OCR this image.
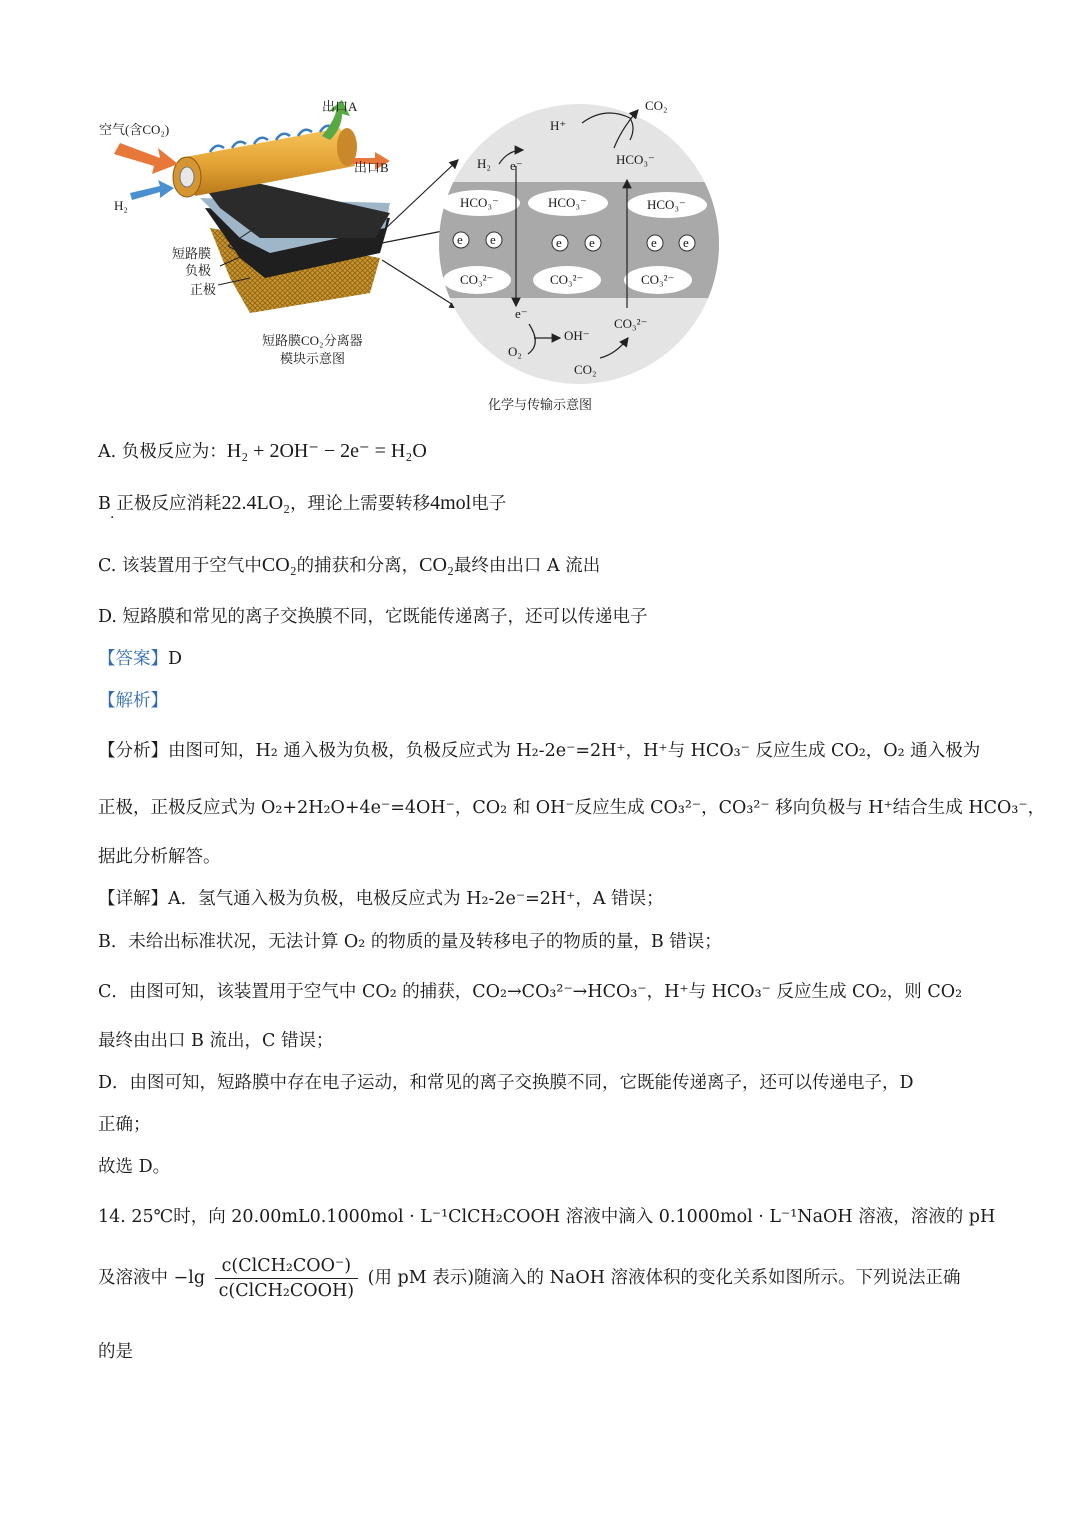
空气(含CO₂)
H₂
出口A
出口B
短路膜
负极
正极
短路膜CO₂分离器
模块示意图
化学与传输示意图
H₂ e⁻
H⁺
CO₂
HCO₃⁻
HCO₃⁻	HCO₃⁻	HCO₃⁻
e e	e e	e e
CO₃²⁻	CO₃²⁻	CO₃²⁻
e⁻
OH⁻
O₂
CO₃²⁻
CO₂
A. 负极反应为：H₂ + 2OH⁻ − 2e⁻ = H₂O
B 正极反应消耗22.4LO₂，理论上需要转移4mol电子
·
C. 该装置用于空气中CO₂的捕获和分离，CO₂最终由出口 A 流出
D. 短路膜和常见的离子交换膜不同，它既能传递离子，还可以传递电子
【答案】D
【解析】
【分析】由图可知，H₂ 通入极为负极，负极反应式为 H₂-2e⁻=2H⁺，H⁺与 HCO₃⁻ 反应生成 CO₂，O₂ 通入极为
正极，正极反应式为 O₂+2H₂O+4e⁻=4OH⁻，CO₂ 和 OH⁻反应生成 CO₃²⁻，CO₃²⁻ 移向负极与 H⁺结合生成 HCO₃⁻，
据此分析解答。
【详解】A．氢气通入极为负极，电极反应式为 H₂-2e⁻=2H⁺，A 错误；
B．未给出标准状况，无法计算 O₂ 的物质的量及转移电子的物质的量，B 错误；
C．由图可知，该装置用于空气中 CO₂ 的捕获，CO₂→CO₃²⁻→HCO₃⁻，H⁺与 HCO₃⁻ 反应生成 CO₂，则 CO₂
最终由出口 B 流出，C 错误；
D．由图可知，短路膜中存在电子运动，和常见的离子交换膜不同，它既能传递离子，还可以传递电子，D
正确；
故选 D。
14. 25℃时，向 20.00mL0.1000mol · L⁻¹ClCH₂COOH 溶液中滴入 0.1000mol · L⁻¹NaOH 溶液，溶液的 pH
及溶液中 $-\lg \frac{\text{c(ClCH₂COO⁻)}}{\text{c(ClCH₂COOH)}}$ (用 pM 表示)随滴入的 NaOH 溶液体积的变化关系如图所示。下列说法正确
的是
